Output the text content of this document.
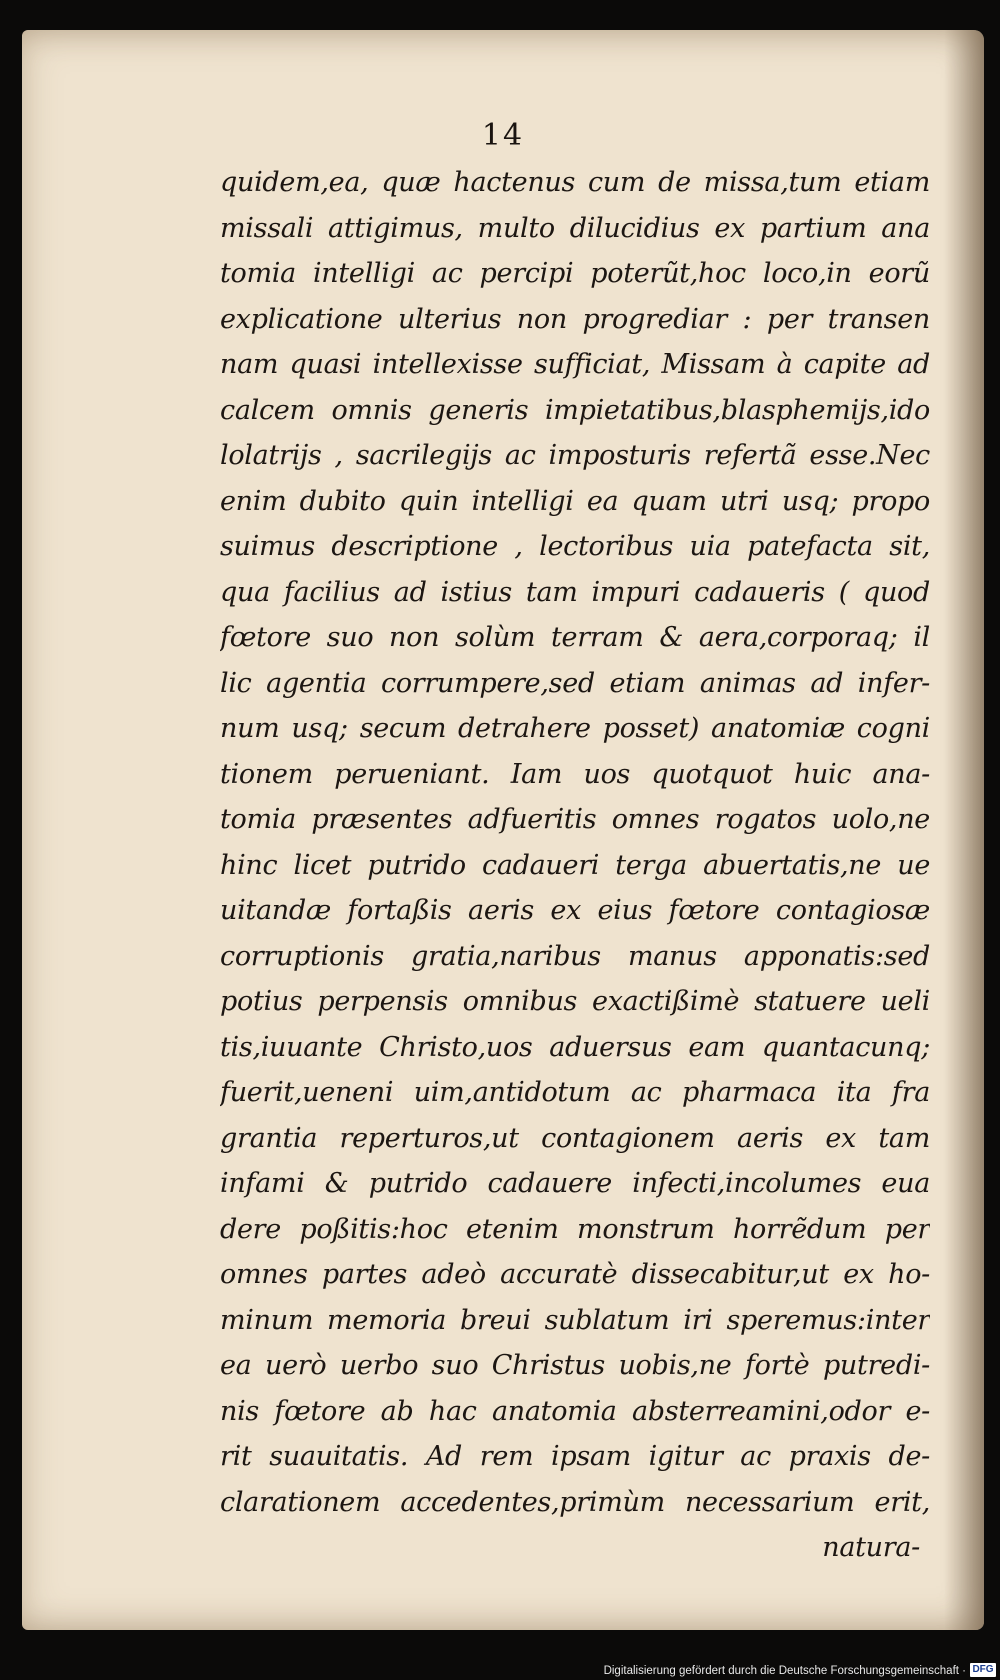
14
quidem,ea, quæ hactenus cum de missa,tum etiam
missali attigimus, multo dilucidius ex partium ana
tomia intelligi ac percipi poterũt,hoc loco,in eorũ
explicatione ulterius non progrediar : per transen
nam quasi intellexisse sufficiat, Missam à capite ad
calcem omnis generis impietatibus,blasphemijs,ido
lolatrijs , sacrilegijs ac imposturis refertã esse.Nec
enim dubito quin intelligi ea quam utri usq; propo
suimus descriptione , lectoribus uia patefacta sit,
qua facilius ad istius tam impuri cadaueris ( quod
fœtore suo non solùm terram & aera,corporaq; il
lic agentia corrumpere,sed etiam animas ad infer-
num usq; secum detrahere posset) anatomiæ cogni
tionem perueniant. Iam uos quotquot huic ana-
tomia præsentes adfueritis omnes rogatos uolo,ne
hinc licet putrido cadaueri terga abuertatis,ne ue
uitandæ fortaßis aeris ex eius fœtore contagiosæ
corruptionis gratia,naribus manus apponatis:sed
potius perpensis omnibus exactißimè statuere ueli
tis,iuuante Christo,uos aduersus eam quantacunq;
fuerit,ueneni uim,antidotum ac pharmaca ita fra
grantia reperturos,ut contagionem aeris ex tam
infami & putrido cadauere infecti,incolumes eua
dere poßitis:hoc etenim monstrum horrẽdum per
omnes partes adeò accuratè dissecabitur,ut ex ho-
minum memoria breui sublatum iri speremus:inter
ea uerò uerbo suo Christus uobis,ne fortè putredi-
nis fœtore ab hac anatomia absterreamini,odor e-
rit suauitatis. Ad rem ipsam igitur ac praxis de-
clarationem accedentes,primùm necessarium erit,
natura-
Digitalisierung gefördert durch die Deutsche Forschungsgemeinschaft · DFG
